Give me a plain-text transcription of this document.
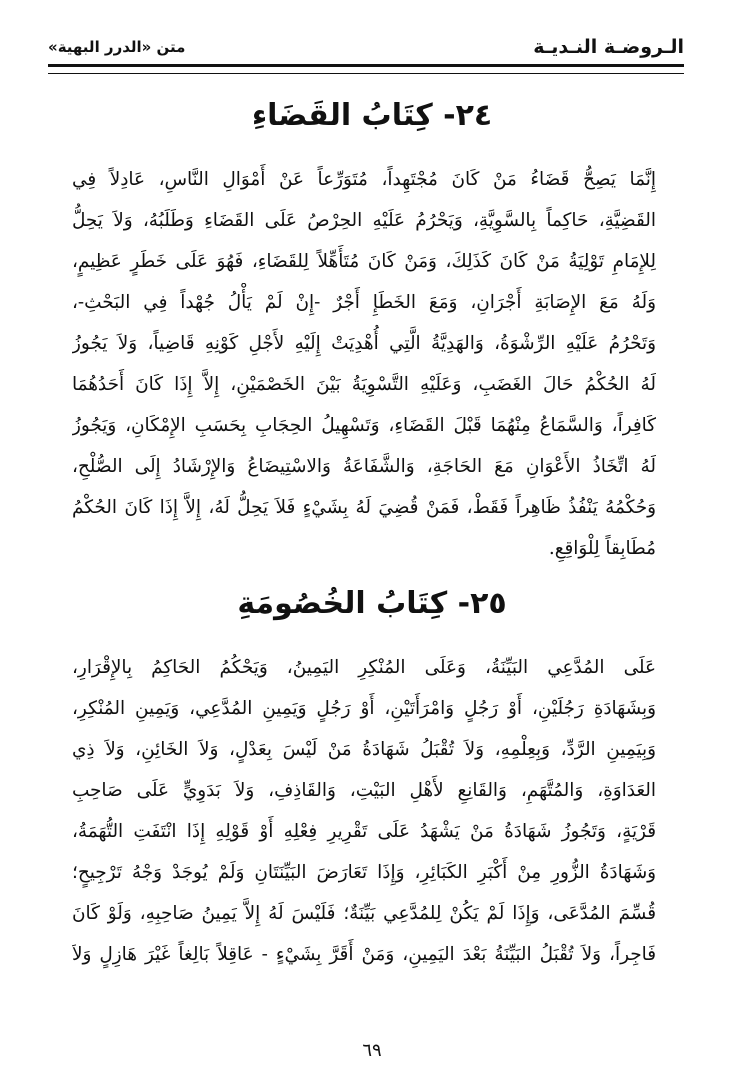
الـروضـة النـديـة
متن «الدرر البهية»
٢٤- كِتَابُ القَضَاءِ
إِنَّمَا يَصِحُّ قَضَاءُ مَنْ كَانَ مُجْتَهِداً، مُتَوَرِّعاً عَنْ أَمْوَالِ النَّاسِ، عَادِلاً فِي
القَضِيَّةِ، حَاكِماً بِالسَّوِيَّةِ، وَيَحْرُمُ عَلَيْهِ الحِرْصُ عَلَى القَضَاءِ وَطَلَبُهُ، وَلاَ يَحِلُّ
لِلإِمَامِ تَوْلِيَةُ مَنْ كَانَ كَذَلِكَ، وَمَنْ كَانَ مُتَأَهِّلاً لِلقَضَاءِ، فَهُوَ عَلَى خَطَرٍ عَظِيمٍ،
وَلَهُ مَعَ الإِصَابَةِ أَجْرَانِ، وَمَعَ الخَطَإِ أَجْرٌ -إِنْ لَمْ يَأْلُ جُهْداً فِي البَحْثِ-،
وَتَحْرُمُ عَلَيْهِ الرِّشْوَةُ، وَالهَدِيَّةُ الَّتِي أُهْدِيَتْ إِلَيْهِ لأَجْلِ كَوْنِهِ قَاضِياً، وَلاَ يَجُوزُ
لَهُ الحُكْمُ حَالَ الغَضَبِ، وَعَلَيْهِ التَّسْوِيَةُ بَيْنَ الخَصْمَيْنِ، إِلاَّ إِذَا كَانَ أَحَدُهُمَا
كَافِراً، وَالسَّمَاعُ مِنْهُمَا قَبْلَ القَضَاءِ، وَتَسْهِيلُ الحِجَابِ بِحَسَبِ الإِمْكَانِ، وَيَجُوزُ
لَهُ اتِّخَاذُ الأَعْوَانِ مَعَ الحَاجَةِ، وَالشَّفَاعَةُ وَالاسْتِيضَاعُ وَالإِرْشَادُ إِلَى الصُّلْحِ،
وَحُكْمُهُ يَنْفُذُ ظَاهِراً فَقَطْ، فَمَنْ قُضِيَ لَهُ بِشَيْءٍ فَلاَ يَحِلُّ لَهُ، إِلاَّ إِذَا كَانَ الحُكْمُ
مُطَابِقاً لِلْوَاقِعِ.
٢٥- كِتَابُ الخُصُومَةِ
عَلَى المُدَّعِي البَيِّنَةُ، وَعَلَى المُنْكِرِ اليَمِينُ، وَيَحْكُمُ الحَاكِمُ بِالإِقْرَارِ،
وَبِشَهَادَةِ رَجُلَيْنِ، أَوْ رَجُلٍ وَامْرَأَتَيْنِ، أَوْ رَجُلٍ وَيَمِينِ المُدَّعِي، وَيَمِينِ المُنْكِرِ،
وَبِيَمِينِ الرَّدِّ، وَبِعِلْمِهِ، وَلاَ تُقْبَلُ شَهَادَةُ مَنْ لَيْسَ بِعَدْلٍ، وَلاَ الخَائِنِ، وَلاَ ذِي
العَدَاوَةِ، وَالمُتَّهَمِ، وَالقَانِعِ لأَهْلِ البَيْتِ، وَالقَاذِفِ، وَلاَ بَدَوِيٍّ عَلَى صَاحِبِ
قَرْيَةٍ، وَتَجُوزُ شَهَادَةُ مَنْ يَشْهَدُ عَلَى تَقْرِيرِ فِعْلِهِ أَوْ قَوْلِهِ إِذَا انْتَفَتِ التُّهَمَةُ،
وَشَهَادَةُ الزُّورِ مِنْ أَكْبَرِ الكَبَائِرِ، وَإِذَا تَعَارَضَ البَيِّنَتَانِ وَلَمْ يُوجَدْ وَجْهُ تَرْجِيحٍ؛
قُسِّمَ المُدَّعَى، وَإِذَا لَمْ يَكُنْ لِلمُدَّعِي بَيِّنَةٌ؛ فَلَيْسَ لَهُ إِلاَّ يَمِينُ صَاحِبِهِ، وَلَوْ كَانَ
فَاجِراً، وَلاَ تُقْبَلُ البَيِّنَةُ بَعْدَ اليَمِينِ، وَمَنْ أَقَرَّ بِشَيْءٍ - عَاقِلاً بَالِغاً غَيْرَ هَازِلٍ وَلاَ
٦٩
